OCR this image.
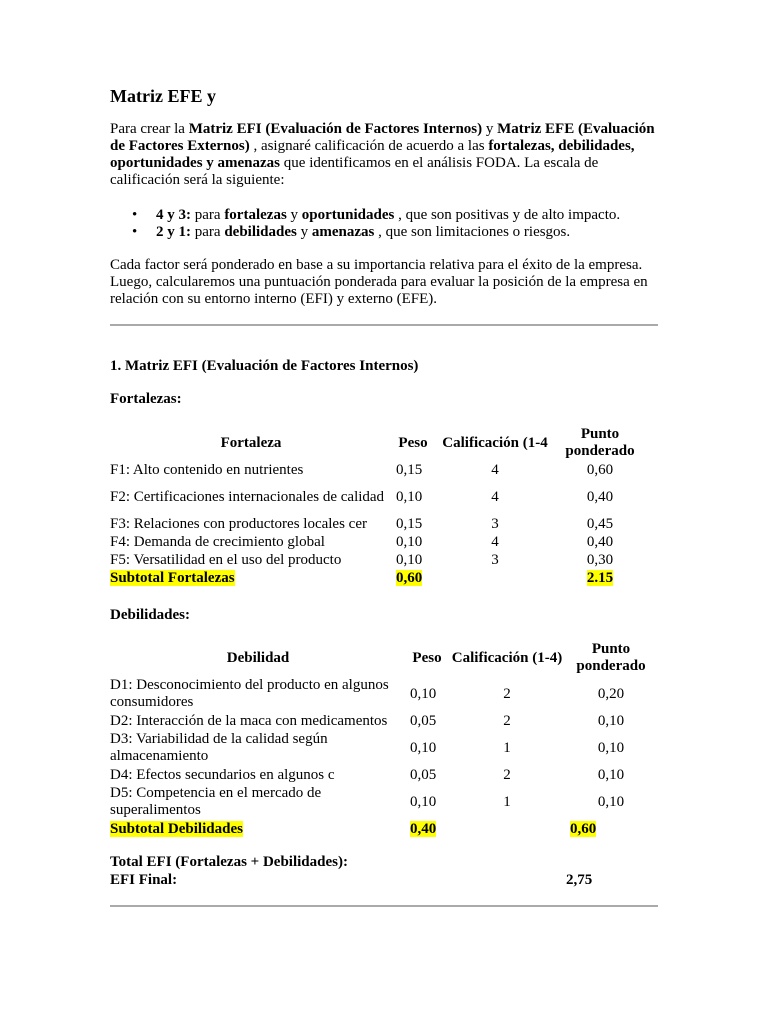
Matriz EFE y

Para crear la Matriz EFI (Evaluación de Factores Internos) y Matriz EFE (Evaluación de Factores Externos) , asignaré calificación de acuerdo a las fortalezas, debilidades, oportunidades y amenazas que identificamos en el análisis FODA. La escala de calificación será la siguiente:

• 4 y 3: para fortalezas y oportunidades , que son positivas y de alto impacto.
• 2 y 1: para debilidades y amenazas , que son limitaciones o riesgos.

Cada factor será ponderado en base a su importancia relativa para el éxito de la empresa. Luego, calcularemos una puntuación ponderada para evaluar la posición de la empresa en relación con su entorno interno (EFI) y externo (EFE).

1. Matriz EFI (Evaluación de Factores Internos)
Fortalezas:
Fortaleza	Peso	Calificación (1-4	Punto ponderado
F1: Alto contenido en nutrientes	0,15	4	0,60
F2: Certificaciones internacionales de calidad	0,10	4	0,40
F3: Relaciones con productores locales cer	0,15	3	0,45
F4: Demanda de crecimiento global	0,10	4	0,40
F5: Versatilidad en el uso del producto	0,10	3	0,30
Subtotal Fortalezas	0,60		2.15
Debilidades:
Debilidad	Peso	Calificación (1-4)	Punto ponderado
D1: Desconocimiento del producto en algunos consumidores	0,10	2	0,20
D2: Interacción de la maca con medicamentos	0,05	2	0,10
D3: Variabilidad de la calidad según almacenamiento	0,10	1	0,10
D4: Efectos secundarios en algunos c	0,05	2	0,10
D5: Competencia en el mercado de superalimentos	0,10	1	0,10
Subtotal Debilidades	0,40		0,60
Total EFI (Fortalezas + Debilidades):
EFI Final:	2,75
